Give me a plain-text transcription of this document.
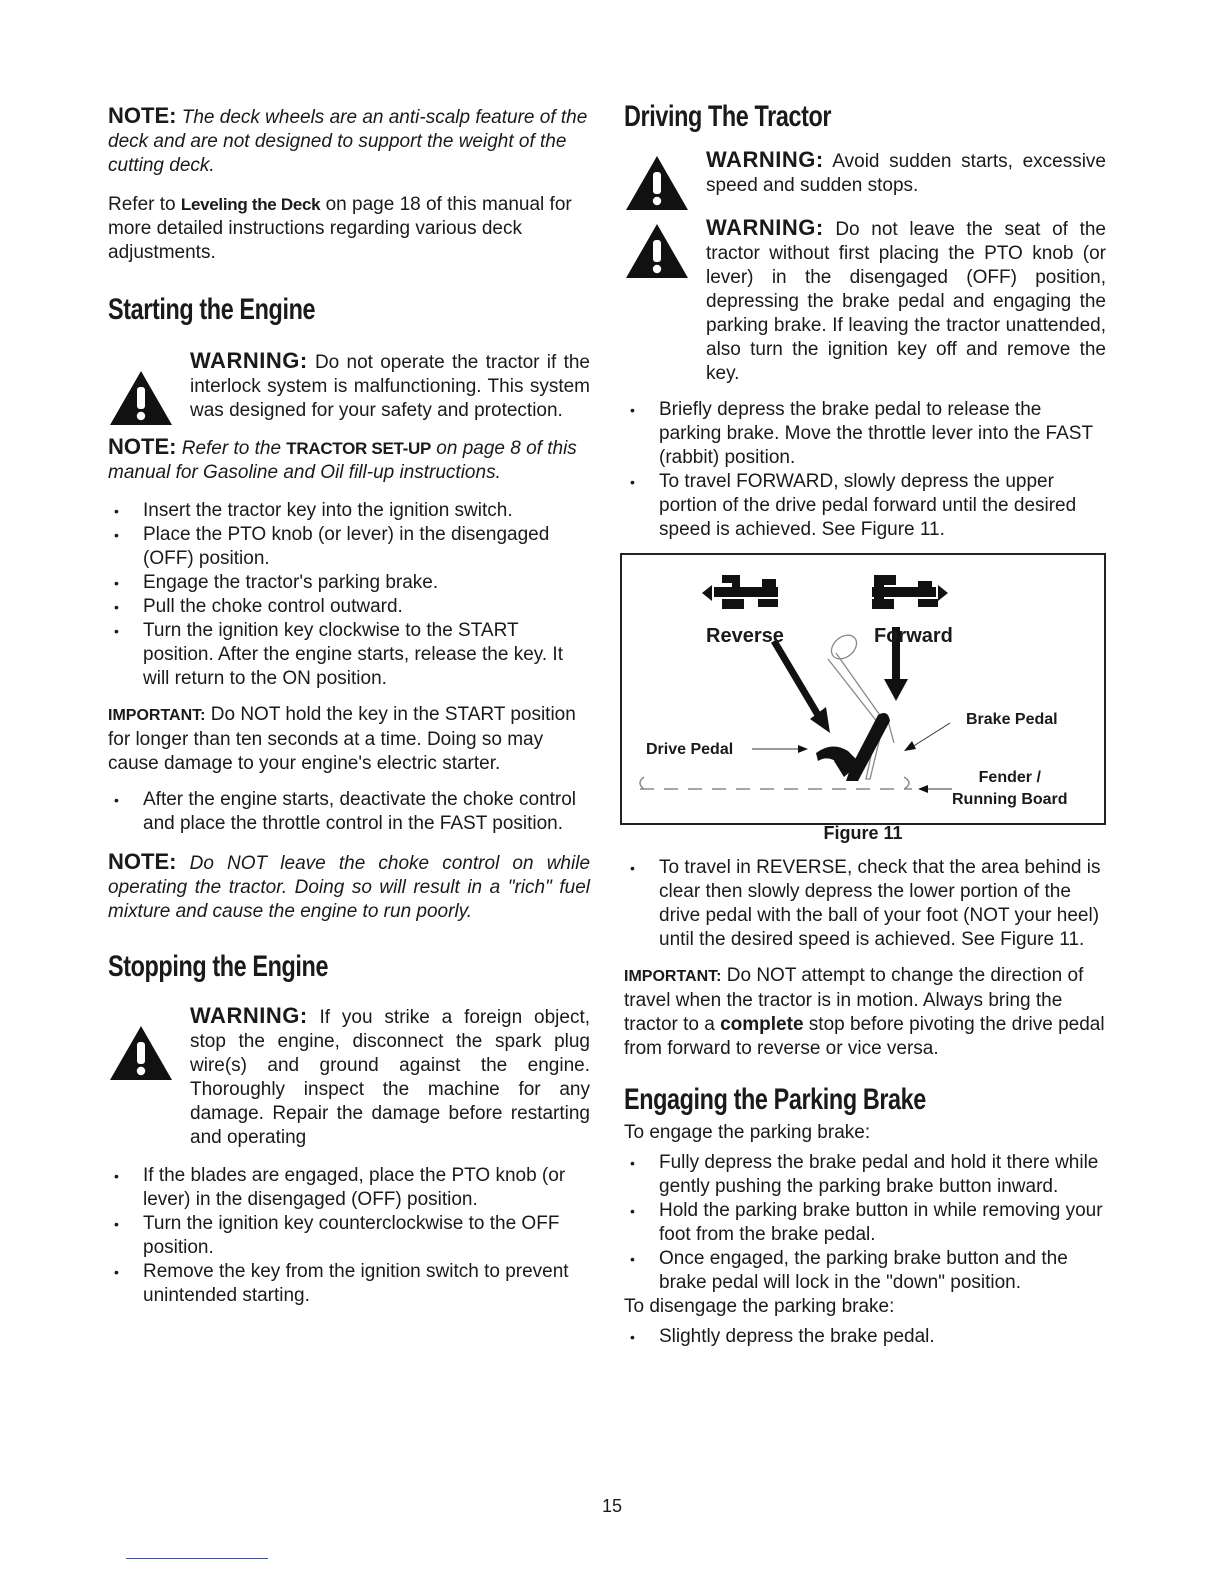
NOTE: The deck wheels are an anti-scalp feature of the deck and are not designed to support the weight of the cutting deck.

Refer to Leveling the Deck on page 18 of this manual for more detailed instructions regarding various deck adjustments.

Starting the Engine

WARNING: Do not operate the tractor if the interlock system is malfunctioning. This system was designed for your safety and protection.

NOTE: Refer to the TRACTOR SET-UP on page 8 of this manual for Gasoline and Oil fill-up instructions.

• Insert the tractor key into the ignition switch.
• Place the PTO knob (or lever) in the disengaged (OFF) position.
• Engage the tractor's parking brake.
• Pull the choke control outward.
• Turn the ignition key clockwise to the START position. After the engine starts, release the key. It will return to the ON position.

IMPORTANT: Do NOT hold the key in the START position for longer than ten seconds at a time. Doing so may cause damage to your engine's electric starter.

• After the engine starts, deactivate the choke control and place the throttle control in the FAST position.

NOTE: Do NOT leave the choke control on while operating the tractor. Doing so will result in a "rich" fuel mixture and cause the engine to run poorly.

Stopping the Engine

WARNING: If you strike a foreign object, stop the engine, disconnect the spark plug wire(s) and ground against the engine. Thoroughly inspect the machine for any damage. Repair the damage before restarting and operating

• If the blades are engaged, place the PTO knob (or lever) in the disengaged (OFF) position.
• Turn the ignition key counterclockwise to the OFF position.
• Remove the key from the ignition switch to prevent unintended starting.
Driving The Tractor

WARNING: Avoid sudden starts, excessive speed and sudden stops.

WARNING: Do not leave the seat of the tractor without first placing the PTO knob (or lever) in the disengaged (OFF) position, depressing the brake pedal and engaging the parking brake. If leaving the tractor unattended, also turn the ignition key off and remove the key.

• Briefly depress the brake pedal to release the parking brake. Move the throttle lever into the FAST (rabbit) position.
• To travel FORWARD, slowly depress the upper portion of the drive pedal forward until the desired speed is achieved. See Figure 11.
Reverse	Forward
Brake Pedal
Drive Pedal
Fender /
Running Board
Figure 11
• To travel in REVERSE, check that the area behind is clear then slowly depress the lower portion of the drive pedal with the ball of your foot (NOT your heel) until the desired speed is achieved. See Figure 11.

IMPORTANT: Do NOT attempt to change the direction of travel when the tractor is in motion. Always bring the tractor to a complete stop before pivoting the drive pedal from forward to reverse or vice versa.

Engaging the Parking Brake

To engage the parking brake:

• Fully depress the brake pedal and hold it there while gently pushing the parking brake button inward.
• Hold the parking brake button in while removing your foot from the brake pedal.
• Once engaged, the parking brake button and the brake pedal will lock in the "down" position.

To disengage the parking brake:

• Slightly depress the brake pedal.
15
